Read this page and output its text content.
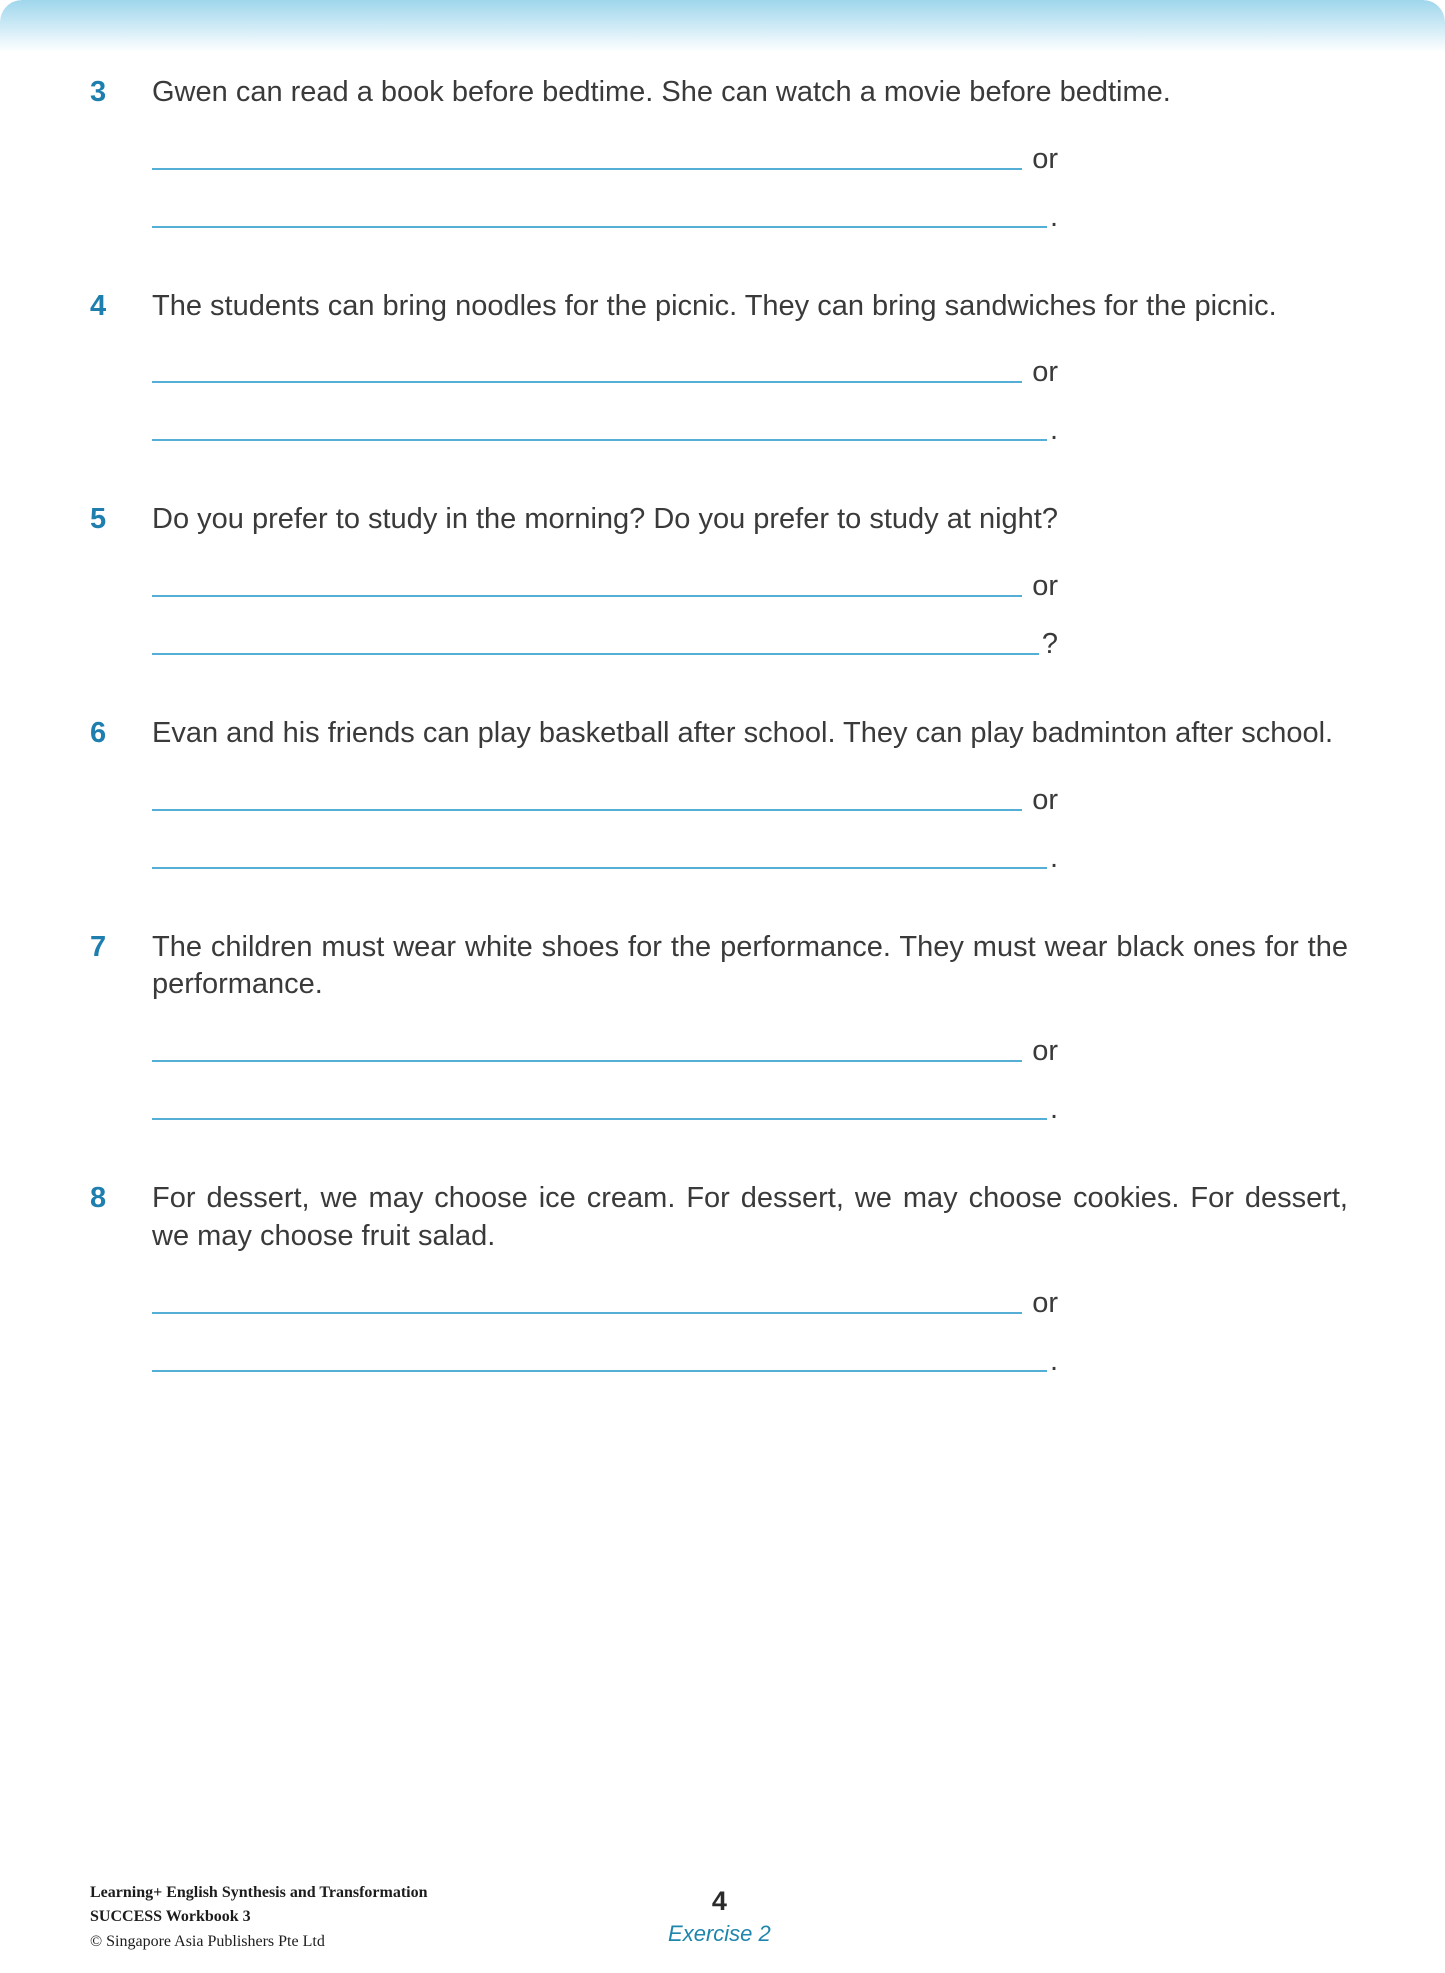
3	Gwen can read a book before bedtime. She can watch a movie before bedtime.

or
.
4	The students can bring noodles for the picnic. They can bring sandwiches for the picnic.

or
.
5	Do you prefer to study in the morning? Do you prefer to study at night?

or
?
6	Evan and his friends can play basketball after school. They can play badminton after school.

or
.
7	The children must wear white shoes for the performance. They must wear black ones for the performance.

or
.
8	For dessert, we may choose ice cream. For dessert, we may choose cookies. For dessert, we may choose fruit salad.

or
.
Learning+ English Synthesis and Transformation
SUCCESS Workbook 3
© Singapore Asia Publishers Pte Ltd
4
Exercise 2
